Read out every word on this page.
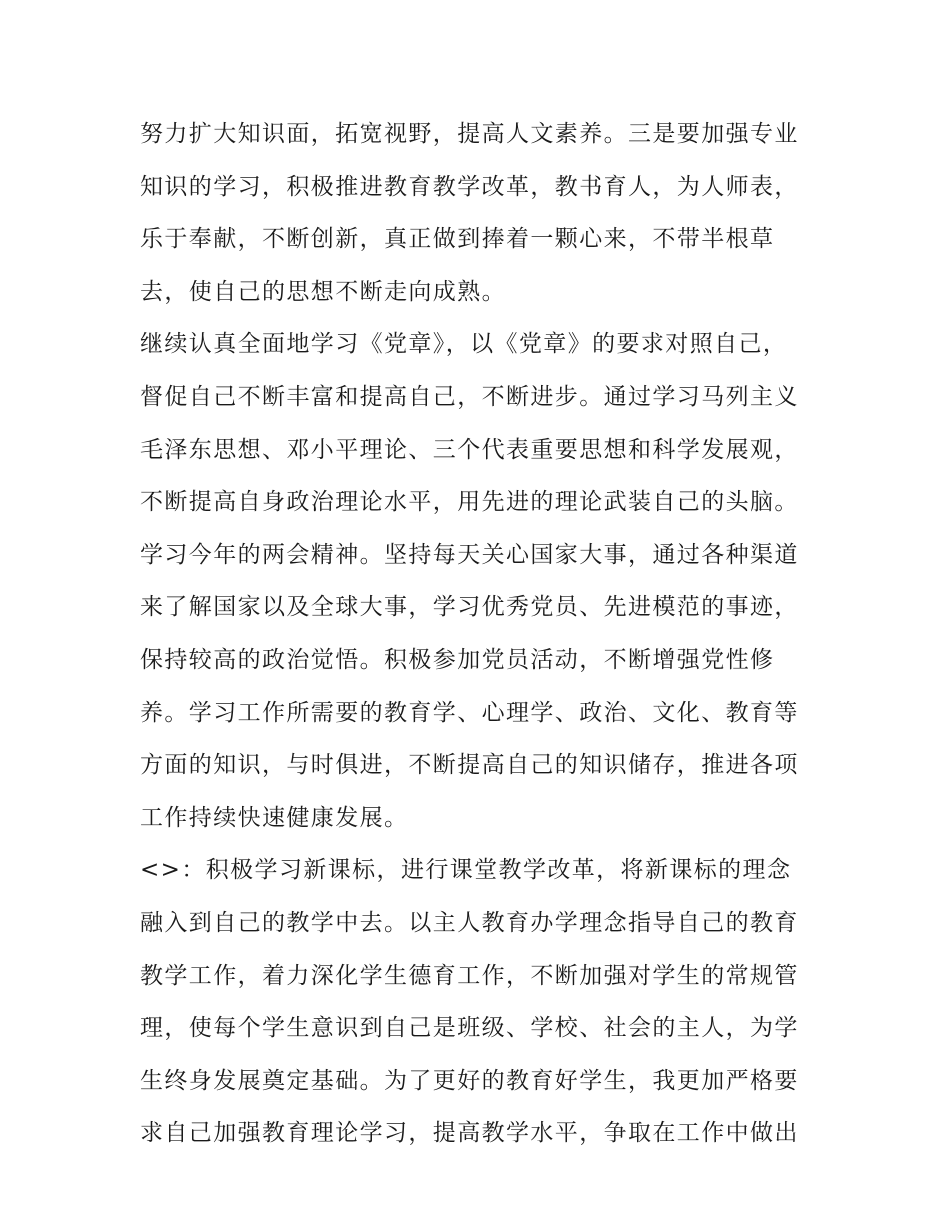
努力扩大知识面，拓宽视野，提高人文素养。三是要加强专业

知识的学习，积极推进教育教学改革，教书育人，为人师表，

乐于奉献，不断创新，真正做到捧着一颗心来，不带半根草

去，使自己的思想不断走向成熟。

继续认真全面地学习《党章》，以《党章》的要求对照自己，

督促自己不断丰富和提高自己，不断进步。通过学习马列主义

毛泽东思想、邓小平理论、三个代表重要思想和科学发展观，

不断提高自身政治理论水平，用先进的理论武装自己的头脑。

学习今年的两会精神。坚持每天关心国家大事，通过各种渠道

来了解国家以及全球大事，学习优秀党员、先进模范的事迹，

保持较高的政治觉悟。积极参加党员活动，不断增强党性修

养。学习工作所需要的教育学、心理学、政治、文化、教育等

方面的知识，与时俱进，不断提高自己的知识储存，推进各项

工作持续快速健康发展。

<>：积极学习新课标，进行课堂教学改革，将新课标的理念

融入到自己的教学中去。以主人教育办学理念指导自己的教育

教学工作，着力深化学生德育工作，不断加强对学生的常规管

理，使每个学生意识到自己是班级、学校、社会的主人，为学

生终身发展奠定基础。为了更好的教育好学生，我更加严格要

求自己加强教育理论学习，提高教学水平，争取在工作中做出
